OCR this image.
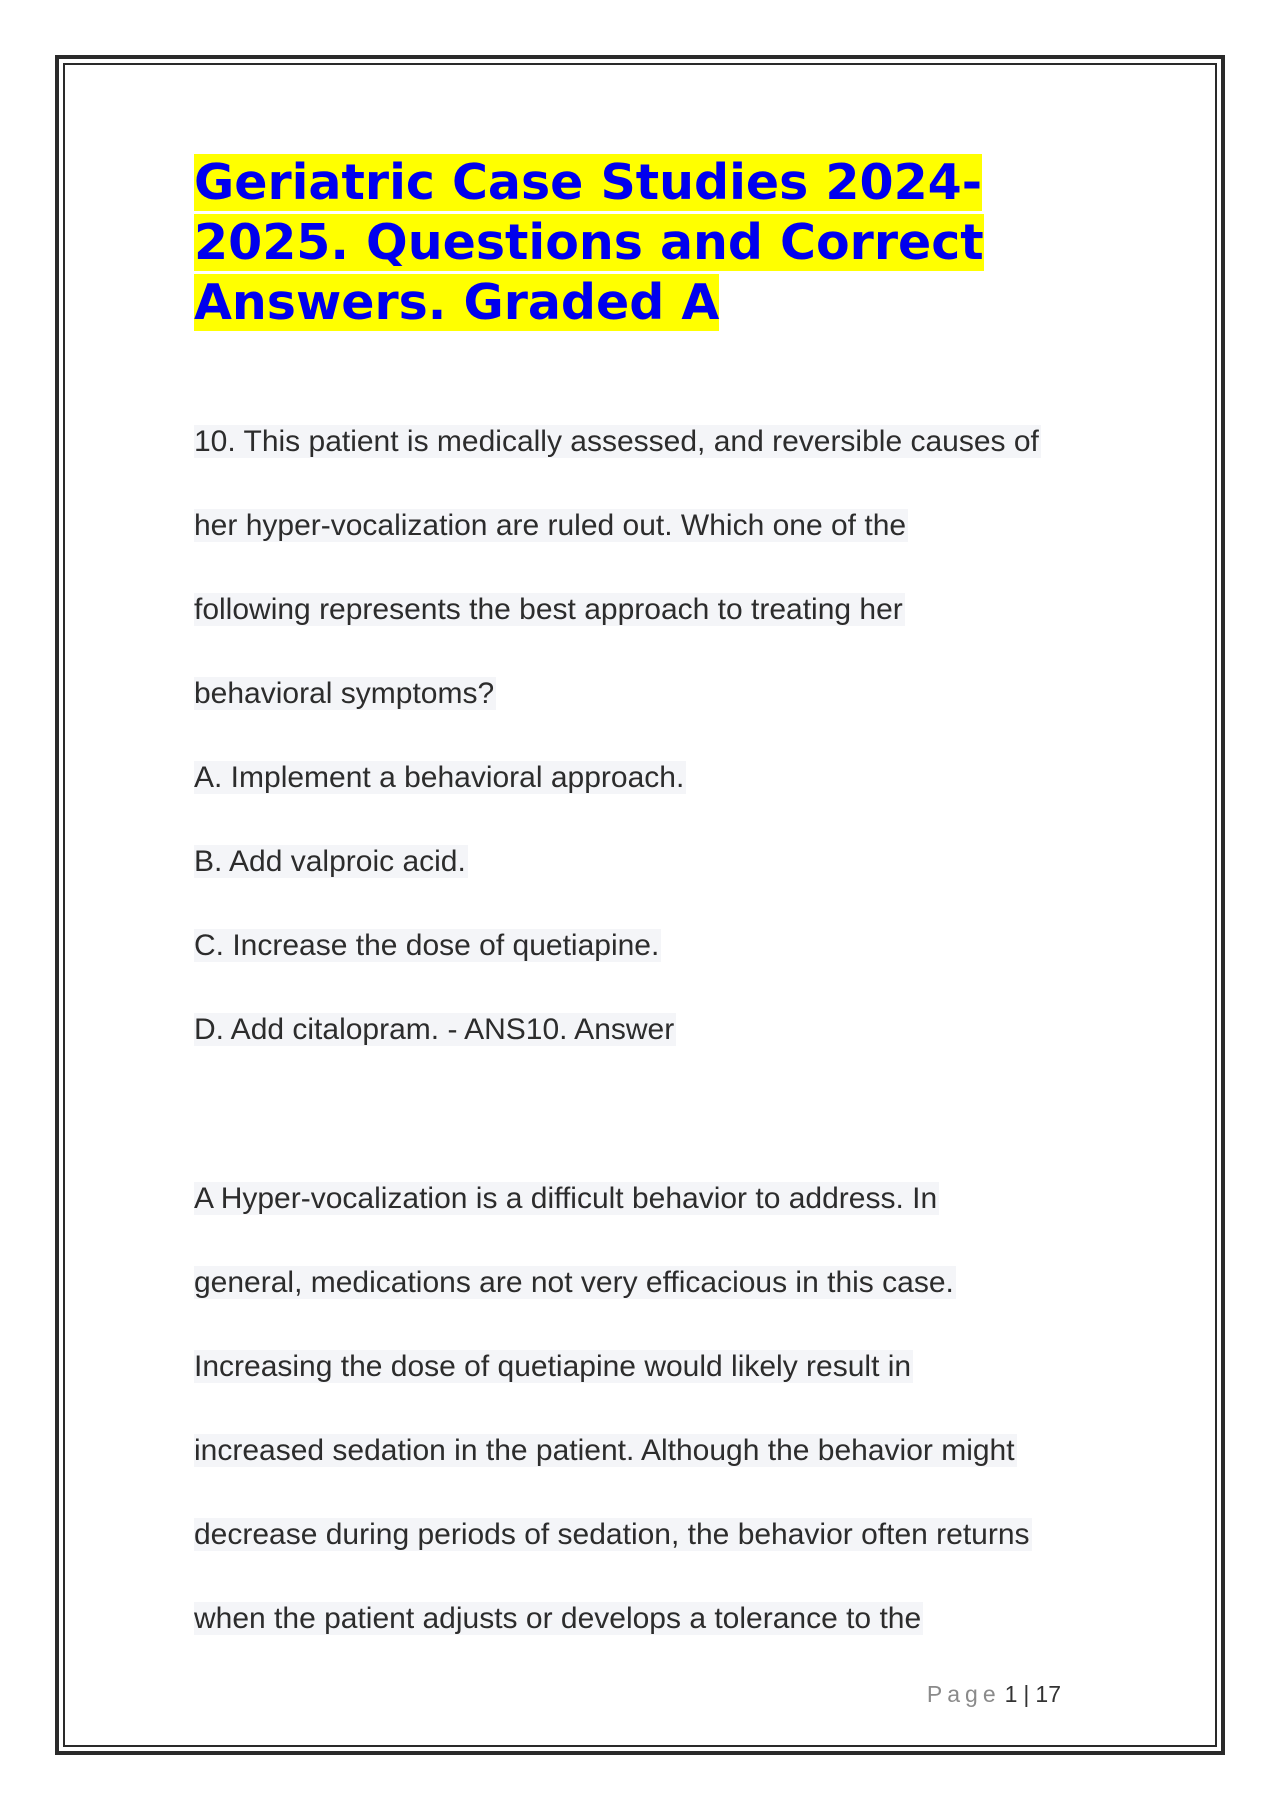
Geriatric Case Studies 2024-2025. Questions and Correct Answers. Graded A

10. This patient is medically assessed, and reversible causes of

her hyper-vocalization are ruled out. Which one of the

following represents the best approach to treating her

behavioral symptoms?

A. Implement a behavioral approach.

B. Add valproic acid.

C. Increase the dose of quetiapine.

D. Add citalopram. - ANS10. Answer

A Hyper-vocalization is a difficult behavior to address. In

general, medications are not very efficacious in this case.

Increasing the dose of quetiapine would likely result in

increased sedation in the patient. Although the behavior might

decrease during periods of sedation, the behavior often returns

when the patient adjusts or develops a tolerance to the

Page 1 | 17
